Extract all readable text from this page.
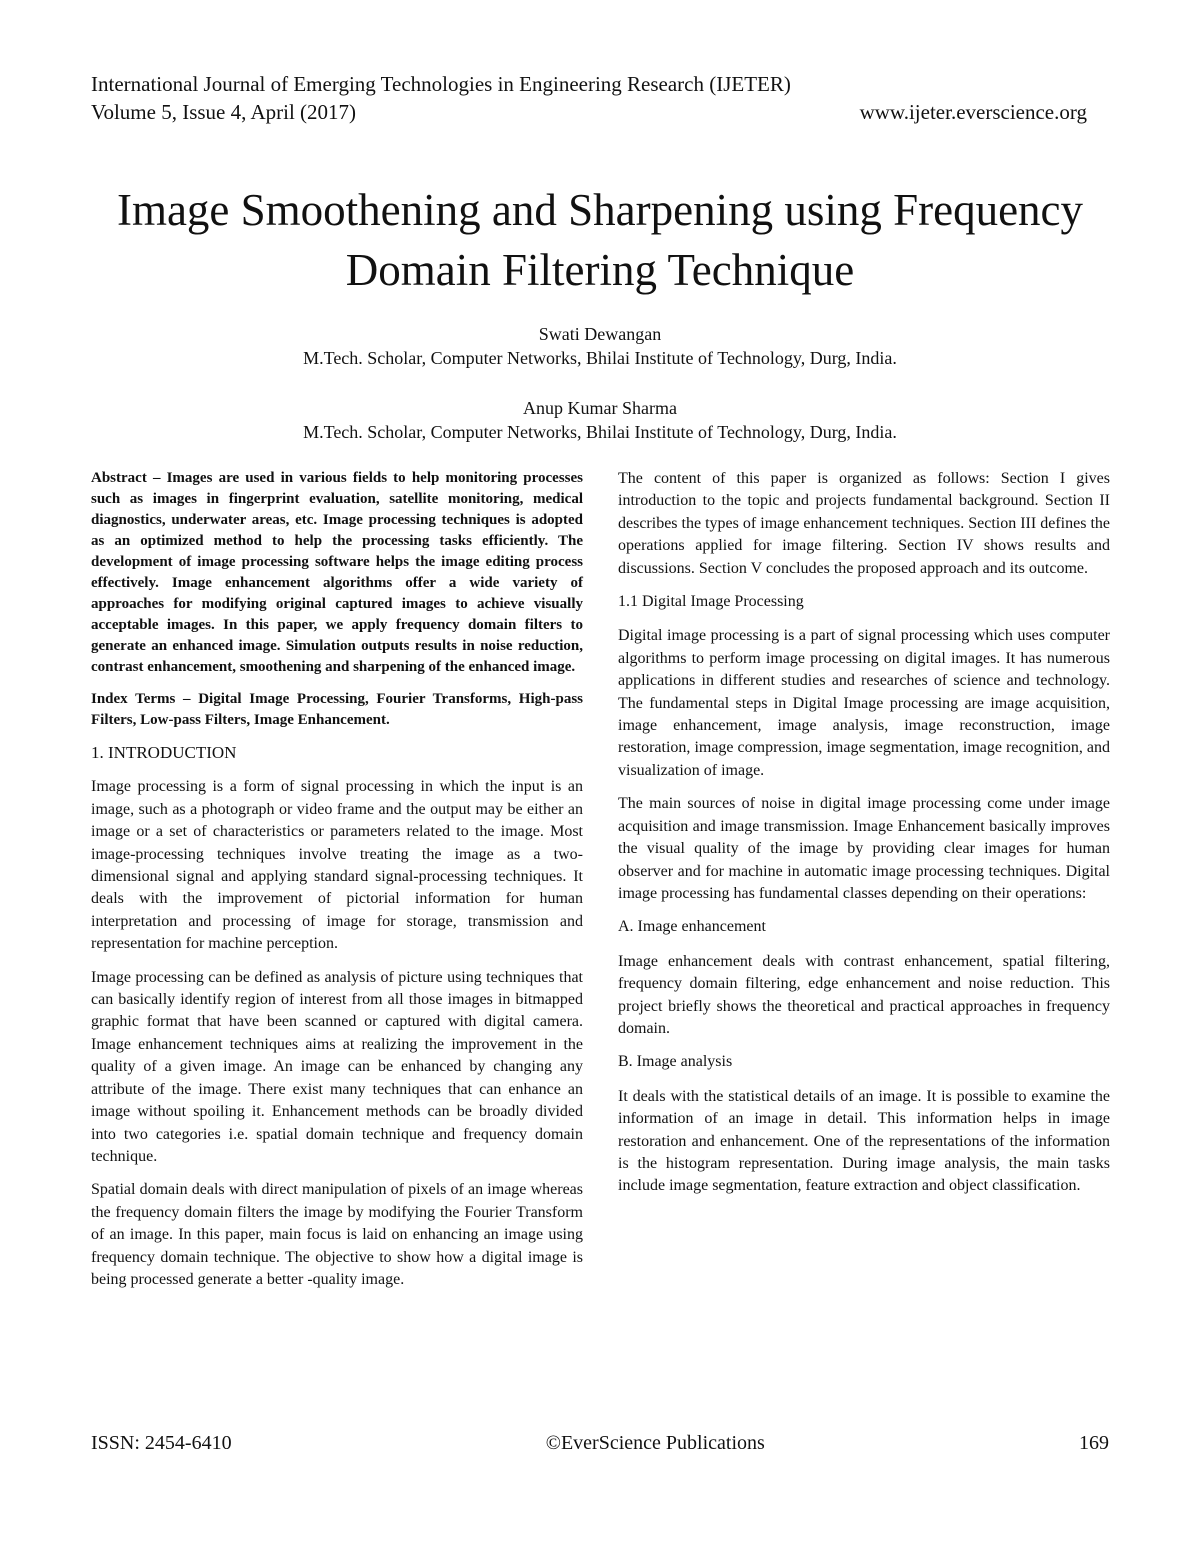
International Journal of Emerging Technologies in Engineering Research (IJETER)
Volume 5, Issue 4, April (2017)	www.ijeter.everscience.org
Image Smoothening and Sharpening using Frequency Domain Filtering Technique

Swati Dewangan

M.Tech. Scholar, Computer Networks, Bhilai Institute of Technology, Durg, India.

Anup Kumar Sharma

M.Tech. Scholar, Computer Networks, Bhilai Institute of Technology, Durg, India.

Abstract – Images are used in various fields to help monitoring processes such as images in fingerprint evaluation, satellite monitoring, medical diagnostics, underwater areas, etc. Image processing techniques is adopted as an optimized method to help the processing tasks efficiently. The development of image processing software helps the image editing process effectively. Image enhancement algorithms offer a wide variety of approaches for modifying original captured images to achieve visually acceptable images. In this paper, we apply frequency domain filters to generate an enhanced image. Simulation outputs results in noise reduction, contrast enhancement, smoothening and sharpening of the enhanced image.

Index Terms – Digital Image Processing, Fourier Transforms, High-pass Filters, Low-pass Filters, Image Enhancement.

1. INTRODUCTION

Image processing is a form of signal processing in which the input is an image, such as a photograph or video frame and the output may be either an image or a set of characteristics or parameters related to the image. Most image-processing techniques involve treating the image as a two-dimensional signal and applying standard signal-processing techniques. It deals with the improvement of pictorial information for human interpretation and processing of image for storage, transmission and representation for machine perception.

Image processing can be defined as analysis of picture using techniques that can basically identify region of interest from all those images in bitmapped graphic format that have been scanned or captured with digital camera. Image enhancement techniques aims at realizing the improvement in the quality of a given image. An image can be enhanced by changing any attribute of the image. There exist many techniques that can enhance an image without spoiling it. Enhancement methods can be broadly divided into two categories i.e. spatial domain technique and frequency domain technique.

Spatial domain deals with direct manipulation of pixels of an image whereas the frequency domain filters the image by modifying the Fourier Transform of an image. In this paper, main focus is laid on enhancing an image using frequency domain technique. The objective to show how a digital image is being processed generate a better -quality image.

The content of this paper is organized as follows: Section I gives introduction to the topic and projects fundamental background. Section II describes the types of image enhancement techniques. Section III defines the operations applied for image filtering. Section IV shows results and discussions. Section V concludes the proposed approach and its outcome.

1.1 Digital Image Processing

Digital image processing is a part of signal processing which uses computer algorithms to perform image processing on digital images. It has numerous applications in different studies and researches of science and technology. The fundamental steps in Digital Image processing are image acquisition, image enhancement, image analysis, image reconstruction, image restoration, image compression, image segmentation, image recognition, and visualization of image.

The main sources of noise in digital image processing come under image acquisition and image transmission. Image Enhancement basically improves the visual quality of the image by providing clear images for human observer and for machine in automatic image processing techniques. Digital image processing has fundamental classes depending on their operations:

A. Image enhancement

Image enhancement deals with contrast enhancement, spatial filtering, frequency domain filtering, edge enhancement and noise reduction. This project briefly shows the theoretical and practical approaches in frequency domain.

B. Image analysis

It deals with the statistical details of an image. It is possible to examine the information of an image in detail. This information helps in image restoration and enhancement. One of the representations of the information is the histogram representation. During image analysis, the main tasks include image segmentation, feature extraction and object classification.

ISSN: 2454-6410	©EverScience Publications	169
